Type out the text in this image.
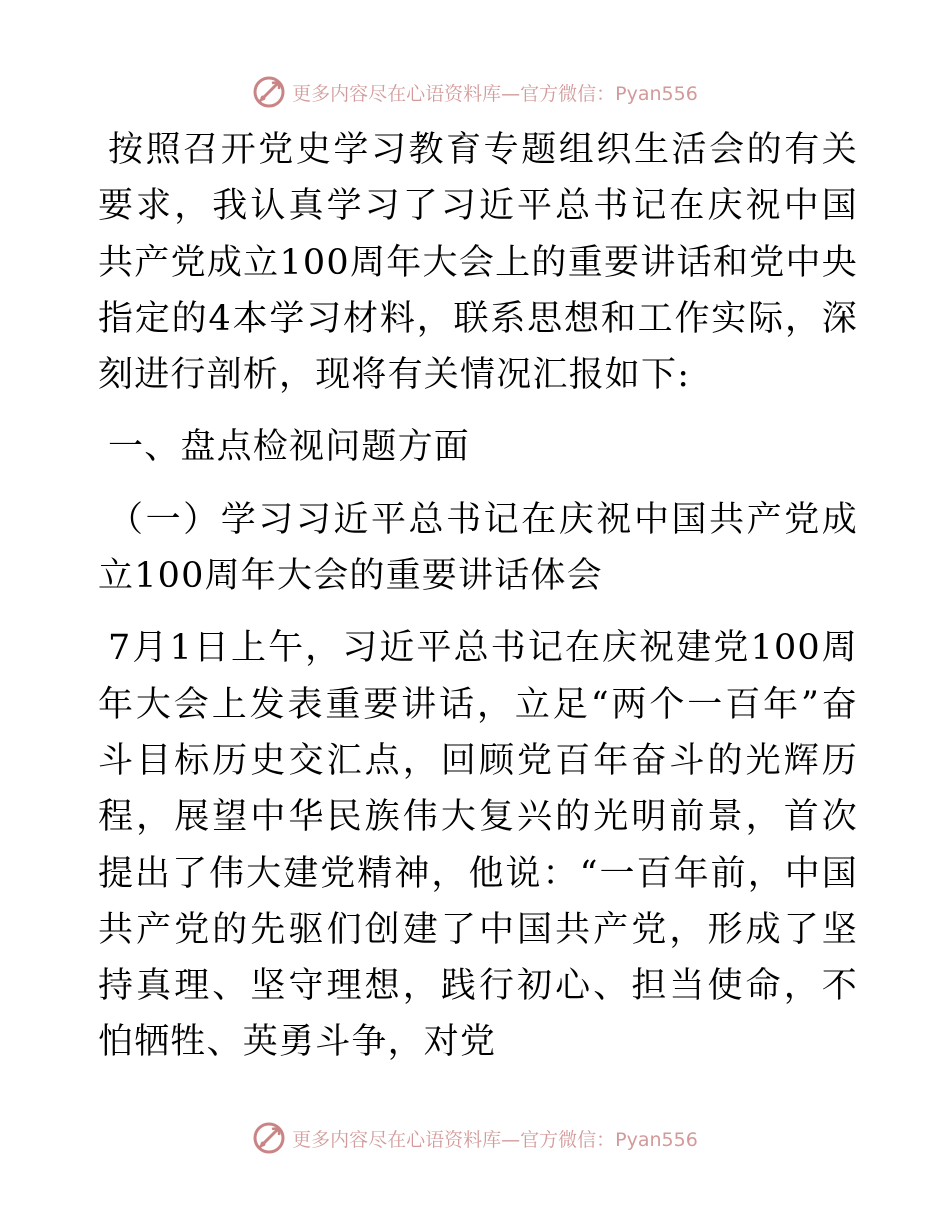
更多内容尽在心语资料库—官方微信：Pyan556

按照召开党史学习教育专题组织生活会的有关要求，我认真学习了习近平总书记在庆祝中国共产党成立100周年大会上的重要讲话和党中央指定的4本学习材料，联系思想和工作实际，深刻进行剖析，现将有关情况汇报如下:

一、盘点检视问题方面

（一）学习习近平总书记在庆祝中国共产党成立100周年大会的重要讲话体会

7月1日上午，习近平总书记在庆祝建党100周年大会上发表重要讲话，立足“两个一百年”奋斗目标历史交汇点，回顾党百年奋斗的光辉历程，展望中华民族伟大复兴的光明前景，首次提出了伟大建党精神，他说：“一百年前，中国共产党的先驱们创建了中国共产党，形成了坚持真理、坚守理想，践行初心、担当使命，不怕牺牲、英勇斗争，对党

更多内容尽在心语资料库—官方微信：Pyan556
